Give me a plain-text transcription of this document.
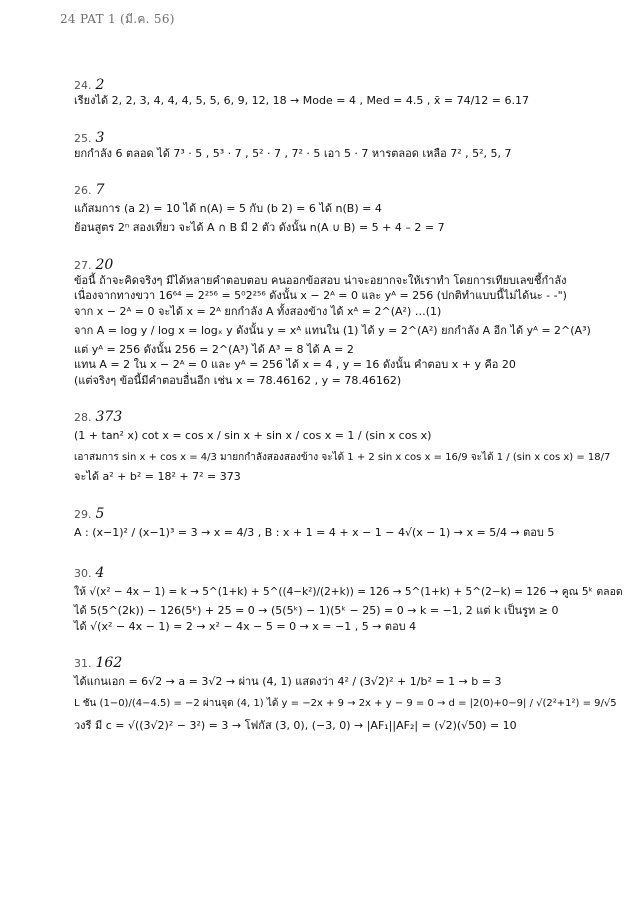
24 PAT 1 (มี.ค. 56)
24. 2
เรียงได้ 2, 2, 3, 4, 4, 4, 5, 5, 6, 9, 12, 18 → Mode = 4 , Med = 4.5 , x̄ = 74/12 = 6.17
25. 3
ยกกำลัง 6 ตลอด ได้ 7³ · 5 , 5³ · 7 , 5² · 7 , 7² · 5 เอา 5 · 7 หารตลอด เหลือ 7² , 5², 5, 7
26. 7
แก้สมการ (a 2) = 10 ได้ n(A) = 5 กับ (b 2) = 6 ได้ n(B) = 4
ย้อนสูตร 2ⁿ สองเที่ยว จะได้ A ∩ B มี 2 ตัว ดังนั้น n(A ∪ B) = 5 + 4 – 2 = 7
27. 20
ข้อนี้ ถ้าจะคิดจริงๆ มีได้หลายคำตอบตอบ คนออกข้อสอบ น่าจะอยากจะให้เราทำ โดยการเทียบเลขชี้กำลัง
เนื่องจากทางขวา 16⁶⁴ = 2²⁵⁶ = 5⁰2²⁵⁶ ดังนั้น x − 2ᴬ = 0 และ yᴬ = 256 (ปกติทำแบบนี้ไม่ได้นะ - -")
จาก x − 2ᴬ = 0 จะได้ x = 2ᴬ ยกกำลัง A ทั้งสองข้าง ได้ xᴬ = 2^(A²) …(1)
จาก A = log y / log x = logₓ y ดังนั้น y = xᴬ แทนใน (1) ได้ y = 2^(A²) ยกกำลัง A อีก ได้ yᴬ = 2^(A³)
แต่ yᴬ = 256 ดังนั้น 256 = 2^(A³) ได้ A³ = 8 ได้ A = 2
แทน A = 2 ใน x − 2ᴬ = 0 และ yᴬ = 256 ได้ x = 4 , y = 16 ดังนั้น คำตอบ x + y คือ 20
(แต่จริงๆ ข้อนี้มีคำตอบอื่นอีก เช่น x = 78.46162 , y = 78.46162)
28. 373
(1 + tan² x) cot x = cos x / sin x + sin x / cos x = 1 / (sin x cos x)
เอาสมการ sin x + cos x = 4/3 มายกกำลังสองสองข้าง จะได้ 1 + 2 sin x cos x = 16/9 จะได้ 1 / (sin x cos x) = 18/7
จะได้ a² + b² = 18² + 7² = 373
29. 5
A : (x−1)² / (x−1)³ = 3 → x = 4/3 , B : x + 1 = 4 + x − 1 − 4√(x − 1) → x = 5/4 → ตอบ 5
30. 4
ให้ √(x² − 4x − 1) = k → 5^(1+k) + 5^((4−k²)/(2+k)) = 126 → 5^(1+k) + 5^(2−k) = 126 → คูณ 5ᵏ ตลอด
ได้ 5(5^(2k)) − 126(5ᵏ) + 25 = 0 → (5(5ᵏ) − 1)(5ᵏ − 25) = 0 → k = −1, 2 แต่ k เป็นรูท ≥ 0
ได้ √(x² − 4x − 1) = 2 → x² − 4x − 5 = 0 → x = −1 , 5 → ตอบ 4
31. 162
ได้แกนเอก = 6√2 → a = 3√2 → ผ่าน (4, 1) แสดงว่า 4² / (3√2)² + 1/b² = 1 → b = 3
L ชัน (1−0)/(4−4.5) = −2 ผ่านจุด (4, 1) ได้ y = −2x + 9 → 2x + y − 9 = 0 → d = |2(0)+0−9| / √(2²+1²) = 9/√5
วงรี มี c = √((3√2)² − 3²) = 3 → โฟกัส (3, 0), (−3, 0) → |AF₁||AF₂| = (√2)(√50) = 10
